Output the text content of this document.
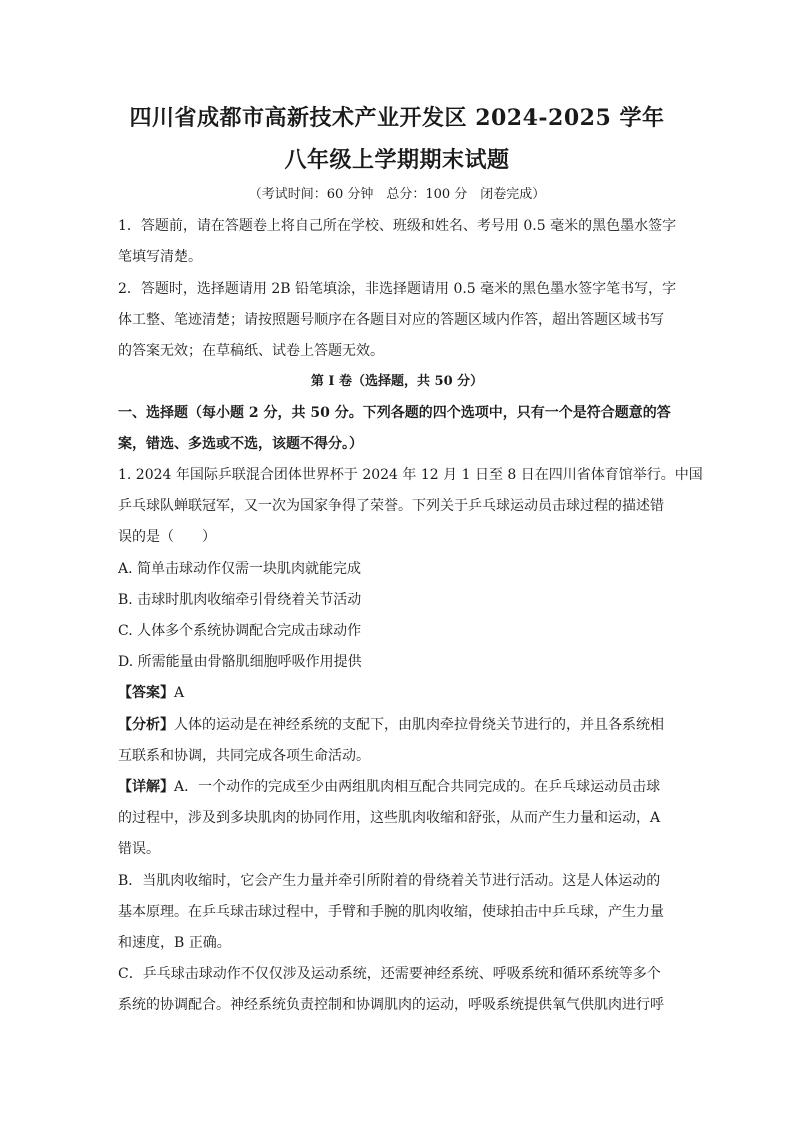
四川省成都市高新技术产业开发区 2024-2025 学年
八年级上学期期末试题
（考试时间：60 分钟　总分：100 分　闭卷完成）
1．答题前，请在答题卷上将自己所在学校、班级和姓名、考号用 0.5 毫米的黑色墨水签字
笔填写清楚。
2．答题时，选择题请用 2B 铅笔填涂，非选择题请用 0.5 毫米的黑色墨水签字笔书写，字
体工整、笔迹清楚；请按照题号顺序在各题目对应的答题区域内作答，超出答题区域书写
的答案无效；在草稿纸、试卷上答题无效。
第 I 卷（选择题，共 50 分）
一、选择题（每小题 2 分，共 50 分。下列各题的四个选项中，只有一个是符合题意的答
案，错选、多选或不选，该题不得分。）
1. 2024 年国际乒联混合团体世界杯于 2024 年 12 月 1 日至 8 日在四川省体育馆举行。中国
乒乓球队蝉联冠军，又一次为国家争得了荣誉。下列关于乒乓球运动员击球过程的描述错
误的是（　　）
A. 简单击球动作仅需一块肌肉就能完成
B. 击球时肌肉收缩牵引骨绕着关节活动
C. 人体多个系统协调配合完成击球动作
D. 所需能量由骨骼肌细胞呼吸作用提供
【答案】A
【分析】人体的运动是在神经系统的支配下，由肌肉牵拉骨绕关节进行的，并且各系统相
互联系和协调，共同完成各项生命活动。
【详解】A．一个动作的完成至少由两组肌肉相互配合共同完成的。在乒乓球运动员击球
的过程中，涉及到多块肌肉的协同作用，这些肌肉收缩和舒张，从而产生力量和运动，A
错误。
B．当肌肉收缩时，它会产生力量并牵引所附着的骨绕着关节进行活动。这是人体运动的
基本原理。在乒乓球击球过程中，手臂和手腕的肌肉收缩，使球拍击中乒乓球，产生力量
和速度，B 正确。
C．乒乓球击球动作不仅仅涉及运动系统，还需要神经系统、呼吸系统和循环系统等多个
系统的协调配合。神经系统负责控制和协调肌肉的运动，呼吸系统提供氧气供肌肉进行呼
